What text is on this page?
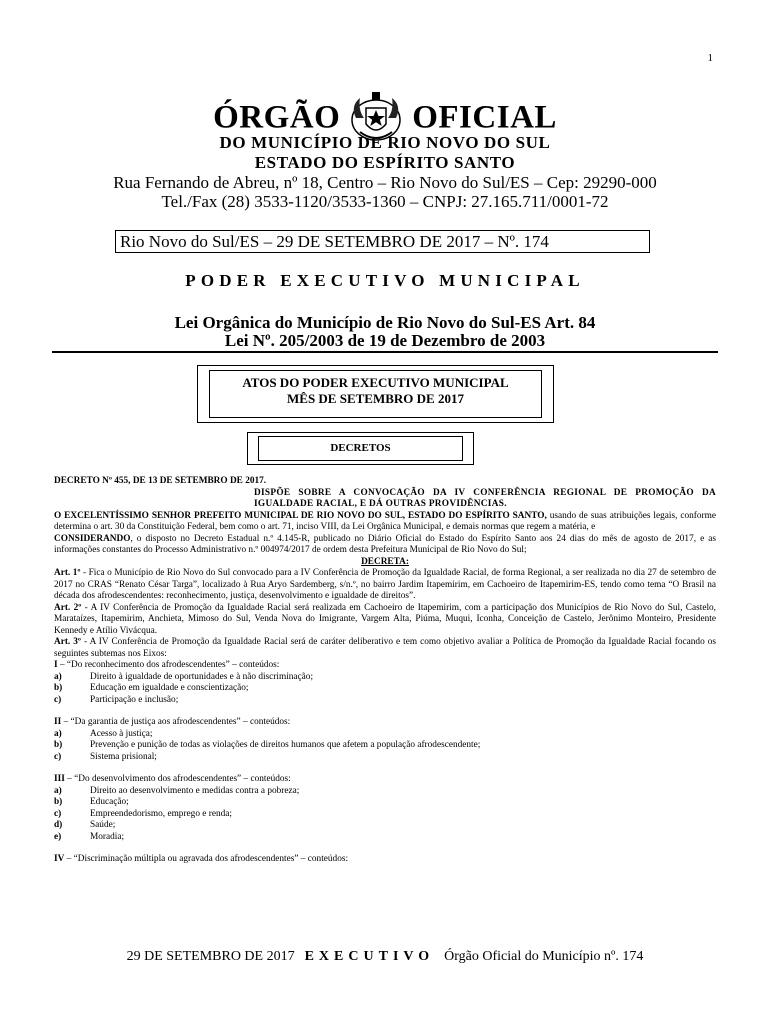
1
ÓRGÃO OFICIAL
DO MUNICÍPIO DE RIO NOVO DO SUL
ESTADO DO ESPÍRITO SANTO
Rua Fernando de Abreu, nº 18, Centro – Rio Novo do Sul/ES – Cep: 29290-000
Tel./Fax (28) 3533-1120/3533-1360 – CNPJ: 27.165.711/0001-72
Rio Novo do Sul/ES – 29 DE SETEMBRO DE 2017 – Nº. 174
PODER EXECUTIVO MUNICIPAL
Lei Orgânica do Município de Rio Novo do Sul-ES Art. 84
Lei Nº. 205/2003 de 19 de Dezembro de 2003
ATOS DO PODER EXECUTIVO MUNICIPAL
MÊS DE SETEMBRO DE 2017
DECRETOS

DECRETO Nº 455, DE 13 DE SETEMBRO DE 2017.

DISPÕE SOBRE A CONVOCAÇÃO DA IV CONFERÊNCIA REGIONAL DE PROMOÇÃO DA IGUALDADE RACIAL, E DÁ OUTRAS PROVIDÊNCIAS.

O EXCELENTÍSSIMO SENHOR PREFEITO MUNICIPAL DE RIO NOVO DO SUL, ESTADO DO ESPÍRITO SANTO, usando de suas atribuições legais, conforme determina o art. 30 da Constituição Federal, bem como o art. 71, inciso VIII, da Lei Orgânica Municipal, e demais normas que regem a matéria, e

CONSIDERANDO, o disposto no Decreto Estadual n.º 4.145-R, publicado no Diário Oficial do Estado do Espírito Santo aos 24 dias do mês de agosto de 2017, e as informações constantes do Processo Administrativo n.º 004974/2017 de ordem desta Prefeitura Municipal de Rio Novo do Sul;

DECRETA:

Art. 1º - Fica o Município de Rio Novo do Sul convocado para a IV Conferência de Promoção da Igualdade Racial, de forma Regional, a ser realizada no dia 27 de setembro de 2017 no CRAS “Renato César Targa”, localizado à Rua Aryo Sardemberg, s/n.º, no bairro Jardim Itapemirim, em Cachoeiro de Itapemirim-ES, tendo como tema “O Brasil na década dos afrodescendentes: reconhecimento, justiça, desenvolvimento e igualdade de direitos”.

Art. 2º - A IV Conferência de Promoção da Igualdade Racial será realizada em Cachoeiro de Itapemirim, com a participação dos Municípios de Rio Novo do Sul, Castelo, Marataízes, Itapemirim, Anchieta, Mimoso do Sul, Venda Nova do Imigrante, Vargem Alta, Piúma, Muqui, Iconha, Conceição de Castelo, Jerônimo Monteiro, Presidente Kennedy e Atílio Vivácqua.

Art. 3º - A IV Conferência de Promoção da Igualdade Racial será de caráter deliberativo e tem como objetivo avaliar a Política de Promoção da Igualdade Racial focando os seguintes subtemas nos Eixos:

I – “Do reconhecimento dos afrodescendentes” – conteúdos:

a)	Direito à igualdade de oportunidades e à não discriminação;
b)	Educação em igualdade e conscientização;
c)	Participação e inclusão;

II – “Da garantia de justiça aos afrodescendentes” – conteúdos:

a)	Acesso à justiça;
b)	Prevenção e punição de todas as violações de direitos humanos que afetem a população afrodescendente;
c)	Sistema prisional;

III – “Do desenvolvimento dos afrodescendentes” – conteúdos:

a)	Direito ao desenvolvimento e medidas contra a pobreza;
b)	Educação;
c)	Empreendedorismo, emprego e renda;
d)	Saúde;
e)	Moradia;

IV – “Discriminação múltipla ou agravada dos afrodescendentes” – conteúdos:

29 DE SETEMBRO DE 2017 EXECUTIVO Órgão Oficial do Município nº. 174
